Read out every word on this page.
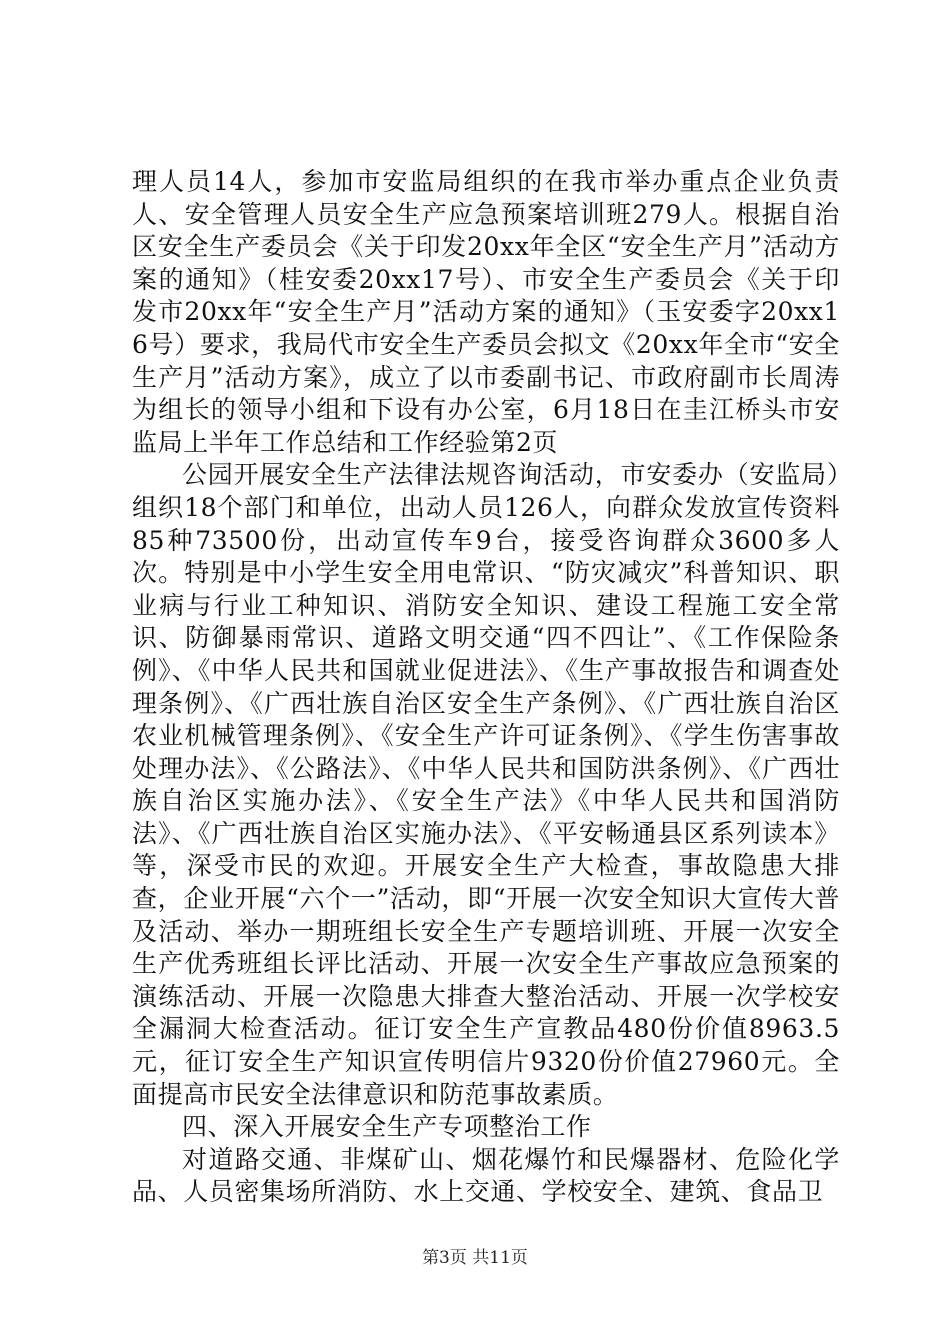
理人员14人，参加市安监局组织的在我市举办重点企业负责人、安全管理人员安全生产应急预案培训班279人。根据自治区安全生产委员会《关于印发20xx年全区“安全生产月”活动方案的通知》（桂安委20xx17号）、市安全生产委员会《关于印发市20xx年“安全生产月”活动方案的通知》（玉安委字20xx16号）要求，我局代市安全生产委员会拟文《20xx年全市“安全生产月”活动方案》，成立了以市委副书记、市政府副市长周涛为组长的领导小组和下设有办公室，6月18日在圭江桥头市安监局上半年工作总结和工作经验第2页

公园开展安全生产法律法规咨询活动，市安委办（安监局）组织18个部门和单位，出动人员126人，向群众发放宣传资料85种73500份，出动宣传车9台，接受咨询群众3600多人次。特别是中小学生安全用电常识、“防灾减灾”科普知识、职业病与行业工种知识、消防安全知识、建设工程施工安全常识、防御暴雨常识、道路文明交通“四不四让”、《工作保险条例》、《中华人民共和国就业促进法》、《生产事故报告和调查处理条例》、《广西壮族自治区安全生产条例》、《广西壮族自治区农业机械管理条例》、《安全生产许可证条例》、《学生伤害事故处理办法》、《公路法》、《中华人民共和国防洪条例》、《广西壮族自治区实施办法》、《安全生产法》《中华人民共和国消防法》、《广西壮族自治区实施办法》、《平安畅通县区系列读本》等，深受市民的欢迎。开展安全生产大检查，事故隐患大排查，企业开展“六个一”活动，即“开展一次安全知识大宣传大普及活动、举办一期班组长安全生产专题培训班、开展一次安全生产优秀班组长评比活动、开展一次安全生产事故应急预案的演练活动、开展一次隐患大排查大整治活动、开展一次学校安全漏洞大检查活动。征订安全生产宣教品480份价值8963.5元，征订安全生产知识宣传明信片9320份价值27960元。全面提高市民安全法律意识和防范事故素质。

四、深入开展安全生产专项整治工作

对道路交通、非煤矿山、烟花爆竹和民爆器材、危险化学品、人员密集场所消防、水上交通、学校安全、建筑、食品卫

第3页 共11页
